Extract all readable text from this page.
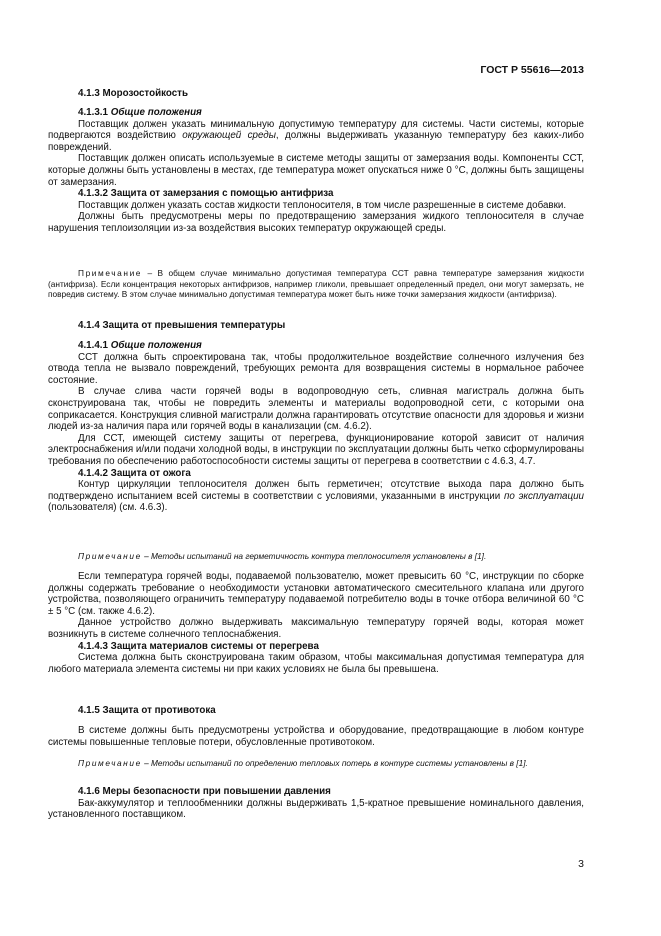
ГОСТ Р 55616—2013

4.1.3 Морозостойкость

4.1.3.1 Общие положения

Поставщик должен указать минимальную допустимую температуру для системы. Части системы, которые подвергаются воздействию окружающей среды, должны выдерживать указанную температуру без каких-либо повреждений.

Поставщик должен описать используемые в системе методы защиты от замерзания воды. Компоненты ССТ, которые должны быть установлены в местах, где температура может опускаться ниже 0 °С, должны быть защищены от замерзания.

4.1.3.2 Защита от замерзания с помощью антифриза

Поставщик должен указать состав жидкости теплоносителя, в том числе разрешенные в системе добавки.

Должны быть предусмотрены меры по предотвращению замерзания жидкого теплоносителя в случае нарушения теплоизоляции из-за воздействия высоких температур окружающей среды.

Примечание – В общем случае минимально допустимая температура ССТ равна температуре замерзания жидкости (антифриза). Если концентрация некоторых антифризов, например гликоли, превышает определенный предел, они могут замерзать, не повредив систему. В этом случае минимально допустимая температура может быть ниже точки замерзания жидкости (антифриза).

4.1.4 Защита от превышения температуры

4.1.4.1 Общие положения

ССТ должна быть спроектирована так, чтобы продолжительное воздействие солнечного излучения без отвода тепла не вызвало повреждений, требующих ремонта для возвращения системы в нормальное рабочее состояние.

В случае слива части горячей воды в водопроводную сеть, сливная магистраль должна быть сконструирована так, чтобы не повредить элементы и материалы водопроводной сети, с которыми она соприкасается. Конструкция сливной магистрали должна гарантировать отсутствие опасности для здоровья и жизни людей из-за наличия пара или горячей воды в канализации (см. 4.6.2).

Для ССТ, имеющей систему защиты от перегрева, функционирование которой зависит от наличия электроснабжения и/или подачи холодной воды, в инструкции по эксплуатации должны быть четко сформулированы требования по обеспечению работоспособности системы защиты от перегрева в соответствии с 4.6.3, 4.7.

4.1.4.2 Защита от ожога

Контур циркуляции теплоносителя должен быть герметичен; отсутствие выхода пара должно быть подтверждено испытанием всей системы в соответствии с условиями, указанными в инструкции по эксплуатации (пользователя) (см. 4.6.3).

Примечание – Методы испытаний на герметичность контура теплоносителя установлены в [1].

Если температура горячей воды, подаваемой пользователю, может превысить 60 °С, инструкции по сборке должны содержать требование о необходимости установки автоматического смесительного клапана или другого устройства, позволяющего ограничить температуру подаваемой потребителю воды в точке отбора величиной 60 °С ± 5 °С (см. также 4.6.2).

Данное устройство должно выдерживать максимальную температуру горячей воды, которая может возникнуть в системе солнечного теплоснабжения.

4.1.4.3 Защита материалов системы от перегрева

Система должна быть сконструирована таким образом, чтобы максимальная допустимая температура для любого материала элемента системы ни при каких условиях не была бы превышена.

4.1.5 Защита от противотока

В системе должны быть предусмотрены устройства и оборудование, предотвращающие в любом контуре системы повышенные тепловые потери, обусловленные противотоком.

Примечание – Методы испытаний по определению тепловых потерь в контуре системы установлены в [1].

4.1.6 Меры безопасности при повышении давления

Бак-аккумулятор и теплообменники должны выдерживать 1,5-кратное превышение номинального давления, установленного поставщиком.

3
